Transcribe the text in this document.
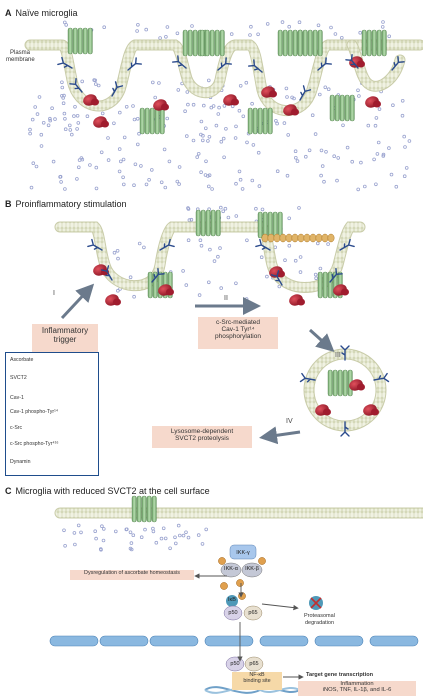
A Naïve microglia
Plasma
membrane
B Proinflammatory stimulation
Inflammatory
trigger
I
II
III
IV
c-Src-mediated
Cav-1 Tyr¹⁴
phosphorylation
Lysosome-dependent
SVCT2 proteolysis
Ascorbate
SVCT2
Cav-1
Cav-1 phospho-Tyr¹⁴
c-Src
c-Src phospho-Tyr⁴¹⁶
Dynamin
C Microglia with reduced SVCT2 at the cell surface
Dysregulation of ascorbate homeostasis
IKK-γ
IKK-α	IKK-β
IκB
p50	p65	Proteasomal
degradation
p50	p65
NF-κB
binding site
Target gene transcription
Inflammation
iNOS, TNF, IL-1β, and IL-6
